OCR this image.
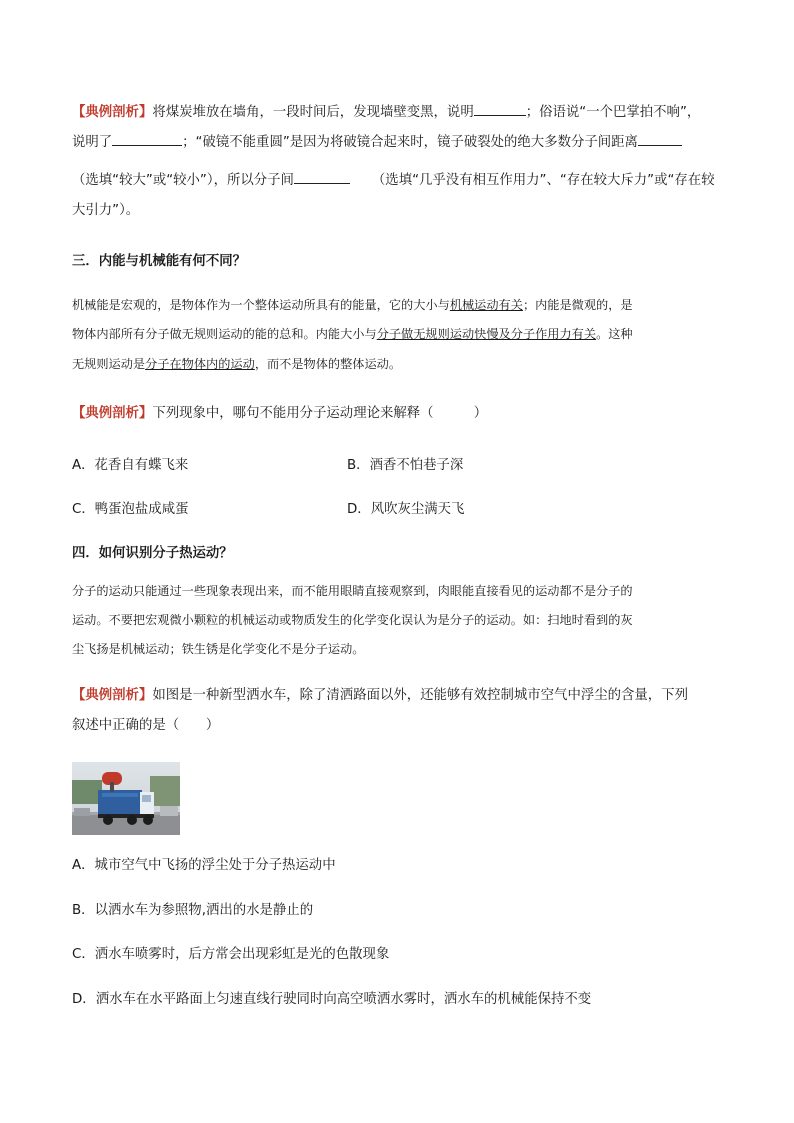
【典例剖析】将煤炭堆放在墙角，一段时间后，发现墙壁变黑，说明	；俗语说“一个巴掌拍不响”，
说明了	；“破镜不能重圆”是因为将破镜合起来时，镜子破裂处的绝大多数分子间距离
（选填“较大”或“较小”），所以分子间	（选填“几乎没有相互作用力”、“存在较大斥力”或“存在较
大引力”）。
三．内能与机械能有何不同？
机械能是宏观的，是物体作为一个整体运动所具有的能量，它的大小与机械运动有关；内能是微观的，是
物体内部所有分子做无规则运动的能的总和。内能大小与分子做无规则运动快慢及分子作用力有关。这种
无规则运动是分子在物体内的运动，而不是物体的整体运动。
【典例剖析】下列现象中，哪句不能用分子运动理论来解释（　　　）
A．花香自有蝶飞来	B．酒香不怕巷子深
C．鸭蛋泡盐成咸蛋	D．风吹灰尘满天飞
四．如何识别分子热运动？
分子的运动只能通过一些现象表现出来，而不能用眼睛直接观察到，肉眼能直接看见的运动都不是分子的
运动。不要把宏观微小颗粒的机械运动或物质发生的化学变化误认为是分子的运动。如：扫地时看到的灰
尘飞扬是机械运动；铁生锈是化学变化不是分子运动。
【典例剖析】如图是一种新型洒水车，除了清洒路面以外，还能够有效控制城市空气中浮尘的含量，下列
叙述中正确的是（　　）
A．城市空气中飞扬的浮尘处于分子热运动中
B．以洒水车为参照物,洒出的水是静止的
C．洒水车喷雾时，后方常会出现彩虹是光的色散现象
D．洒水车在水平路面上匀速直线行驶同时向高空喷洒水雾时，洒水车的机械能保持不变
